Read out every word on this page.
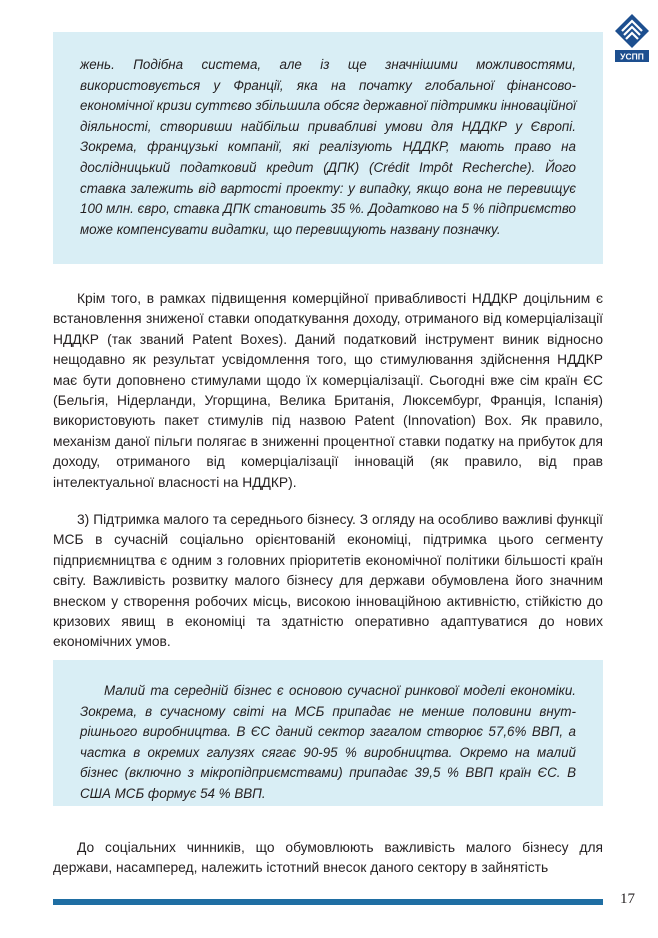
УСПП

жень. Подібна система, але із ще значнішими можливостями, використовується у Франції, яка на початку глобальної фінансово-економічної кризи суттєво збільшила обсяг державної підтримки інноваційної діяльності, створивши найбільш привабливі умови для НДДКР у Європі. Зокрема, французькі компанії, які реалізують НДДКР, мають право на дослідницький податковий кредит (ДПК) (Crédit Impôt Recherche). Його ставка залежить від вартості проекту: у випадку, якщо вона не перевищує 100 млн. євро, ставка ДПК становить 35 %. Додатково на 5 % підприємство може компенсувати видатки, що перевищують названу позначку.

Крім того, в рамках підвищення комерційної привабливості НДДКР доцільним є встановлення зниженої ставки оподаткування доходу, отриманого від комерціалізації НДДКР (так званий Patent Boxes). Даний податковий інструмент виник відносно нещодавно як результат усвідомлення того, що стимулювання здійснення НДДКР має бути доповнено стимулами щодо їх комерціалізації. Сьогодні вже сім країн ЄС (Бельгія, Нідерланди, Угорщина, Велика Британія, Люксембург, Франція, Іспанія) використовують пакет стимулів під назвою Patent (Innovation) Box. Як правило, механізм даної пільги полягає в зниженні процентної ставки податку на прибуток для доходу, отриманого від комерціалізації інновацій (як правило, від прав інтелектуальної власності на НДДКР).

3) Підтримка малого та середнього бізнесу. З огляду на особливо важливі функції МСБ в сучасній соціально орієнтованій економіці, підтримка цього сегменту підприємництва є одним з головних пріоритетів економічної політики більшості країн світу. Важливість розвитку малого бізнесу для держави обумовлена його значним внеском у створення робочих місць, високою інноваційною активністю, стійкістю до кризових явищ в економіці та здатністю оперативно адаптуватися до нових економічних умов.

Малий та середній бізнес є основою сучасної ринкової моделі економіки. Зокрема, в сучасному світі на МСБ припадає не менше половини внут-рішнього виробництва. В ЄС даний сектор загалом створює 57,6% ВВП, а частка в окремих галузях сягає 90-95 % виробництва. Окремо на малий бізнес (включно з мікропідприємствами) припадає 39,5 % ВВП країн ЄС. В США МСБ формує 54 % ВВП.

До соціальних чинників, що обумовлюють важливість малого бізнесу для держави, насамперед, належить істотний внесок даного сектору в зайнятість

17
